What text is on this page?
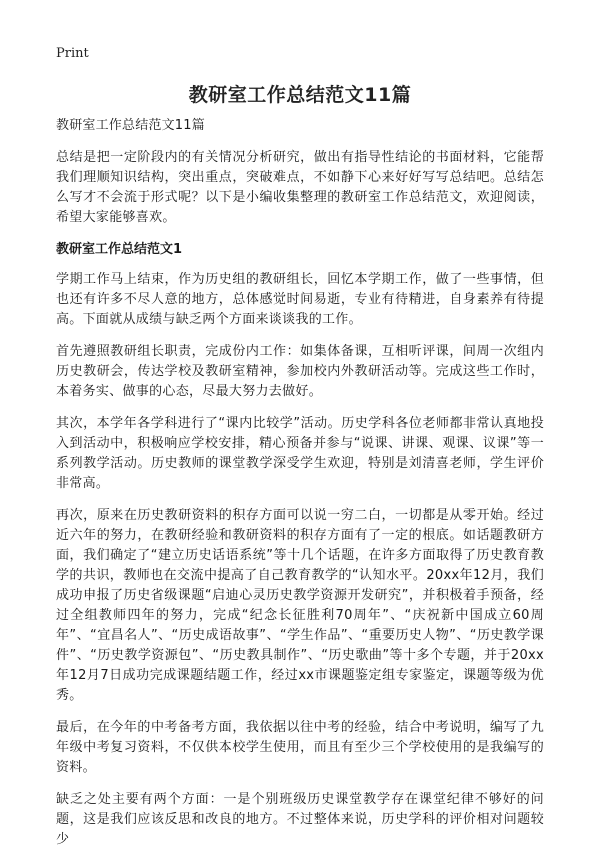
Print
教研室工作总结范文11篇

教研室工作总结范文11篇

总结是把一定阶段内的有关情况分析研究，做出有指导性结论的书面材料，它能帮我们理顺知识结构，突出重点，突破难点，不如静下心来好好写写总结吧。总结怎么写才不会流于形式呢？以下是小编收集整理的教研室工作总结范文，欢迎阅读，希望大家能够喜欢。

教研室工作总结范文1

学期工作马上结束，作为历史组的教研组长，回忆本学期工作，做了一些事情，但也还有许多不尽人意的地方，总体感觉时间易逝，专业有待精进，自身素养有待提高。下面就从成绩与缺乏两个方面来谈谈我的工作。

首先遵照教研组长职责，完成份内工作：如集体备课，互相听评课，间周一次组内历史教研会，传达学校及教研室精神，参加校内外教研活动等。完成这些工作时，本着务实、做事的心态，尽最大努力去做好。

其次，本学年各学科进行了“课内比较学”活动。历史学科各位老师都非常认真地投入到活动中，积极响应学校安排，精心预备并参与“说课、讲课、观课、议课”等一系列教学活动。历史教师的课堂教学深受学生欢迎，特别是刘清喜老师，学生评价非常高。

再次，原来在历史教研资料的积存方面可以说一穷二白，一切都是从零开始。经过近六年的努力，在教研经验和教研资料的积存方面有了一定的根底。如话题教研方面，我们确定了“建立历史话语系统”等十几个话题，在许多方面取得了历史教育教学的共识，教师也在交流中提高了自己教育教学的“认知水平。20xx年12月，我们成功申报了历史省级课题“启迪心灵历史教学资源开发研究”，并积极着手预备，经过全组教师四年的努力，完成“纪念长征胜利70周年”、“庆祝新中国成立60周年”、“宜昌名人”、“历史成语故事”、“学生作品”、“重要历史人物”、“历史教学课件”、“历史教学资源包”、“历史教具制作”、“历史歌曲”等十多个专题，并于20xx年12月7日成功完成课题结题工作，经过xx市课题鉴定组专家鉴定，课题等级为优秀。

最后，在今年的中考备考方面，我依据以往中考的经验，结合中考说明，编写了九年级中考复习资料，不仅供本校学生使用，而且有至少三个学校使用的是我编写的资料。

缺乏之处主要有两个方面：一是个别班级历史课堂教学存在课堂纪律不够好的问题，这是我们应该反思和改良的地方。不过整体来说，历史学科的评价相对问题较少
